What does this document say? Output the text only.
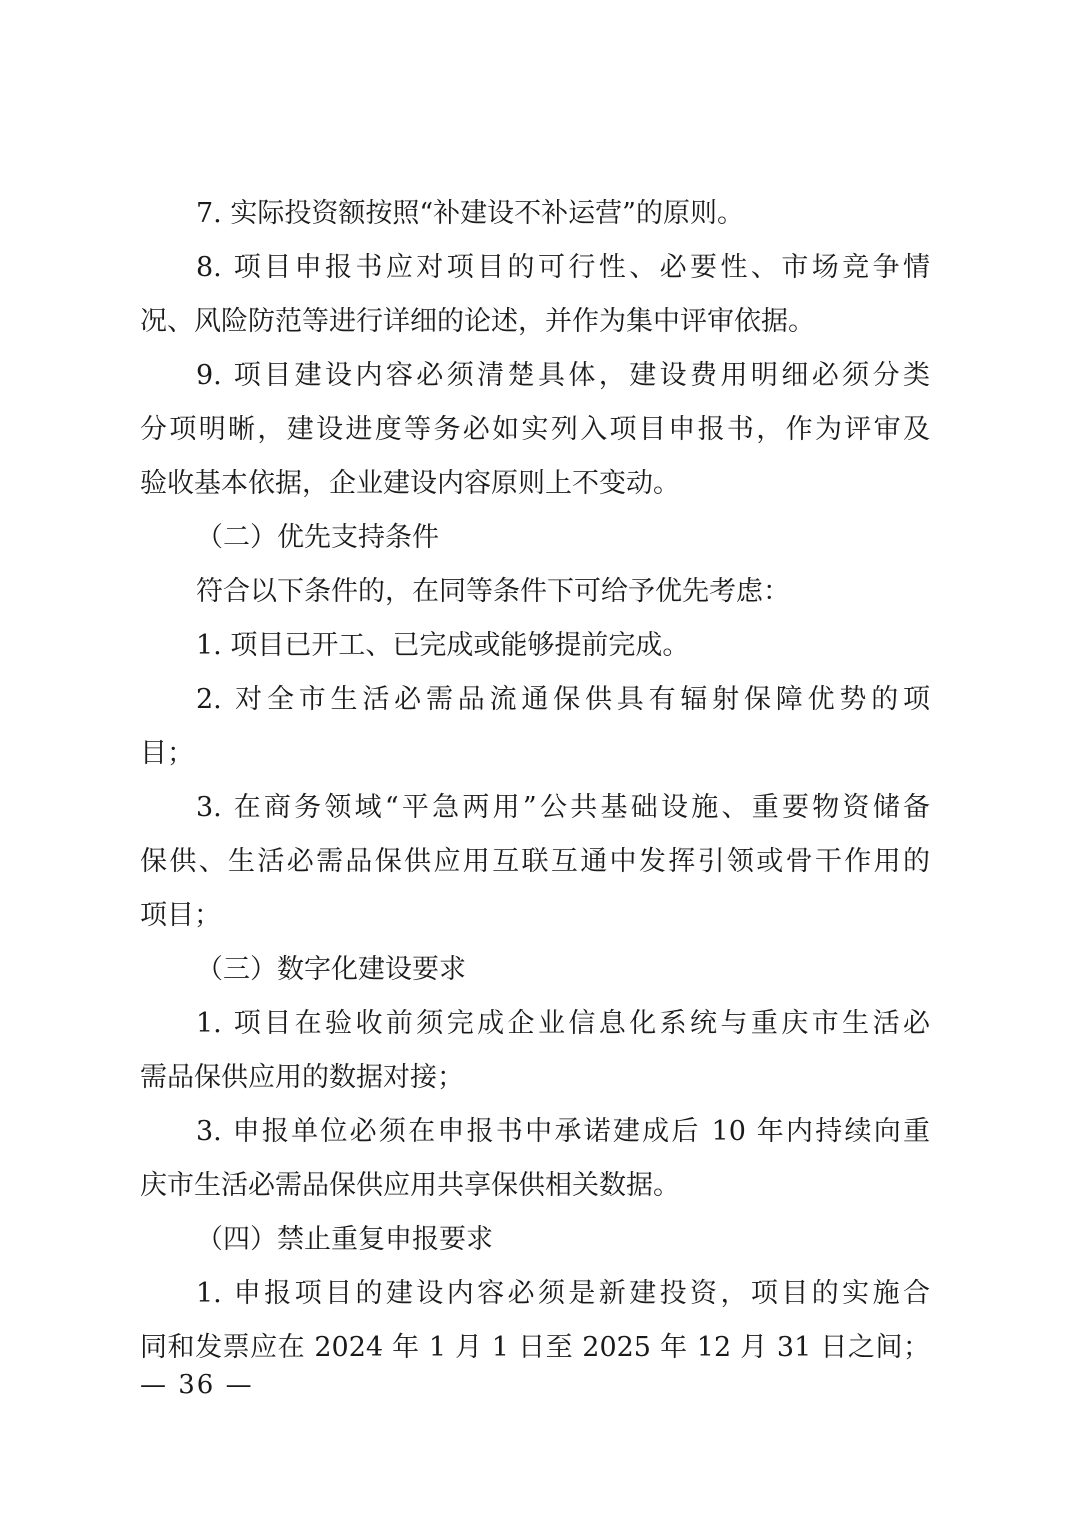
7. 实际投资额按照“补建设不补运营”的原则。
8. 项目申报书应对项目的可行性、必要性、市场竞争情
况、风险防范等进行详细的论述，并作为集中评审依据。
9. 项目建设内容必须清楚具体，建设费用明细必须分类
分项明晰，建设进度等务必如实列入项目申报书，作为评审及
验收基本依据，企业建设内容原则上不变动。
（二）优先支持条件
符合以下条件的，在同等条件下可给予优先考虑：
1. 项目已开工、已完成或能够提前完成。
2. 对全市生活必需品流通保供具有辐射保障优势的项
目；
3. 在商务领域“平急两用”公共基础设施、重要物资储备
保供、生活必需品保供应用互联互通中发挥引领或骨干作用的
项目；
（三）数字化建设要求
1. 项目在验收前须完成企业信息化系统与重庆市生活必
需品保供应用的数据对接；
3. 申报单位必须在申报书中承诺建成后 10 年内持续向重
庆市生活必需品保供应用共享保供相关数据。
（四）禁止重复申报要求
1. 申报项目的建设内容必须是新建投资，项目的实施合
同和发票应在 2024 年 1 月 1 日至 2025 年 12 月 31 日之间；
— 36 —
